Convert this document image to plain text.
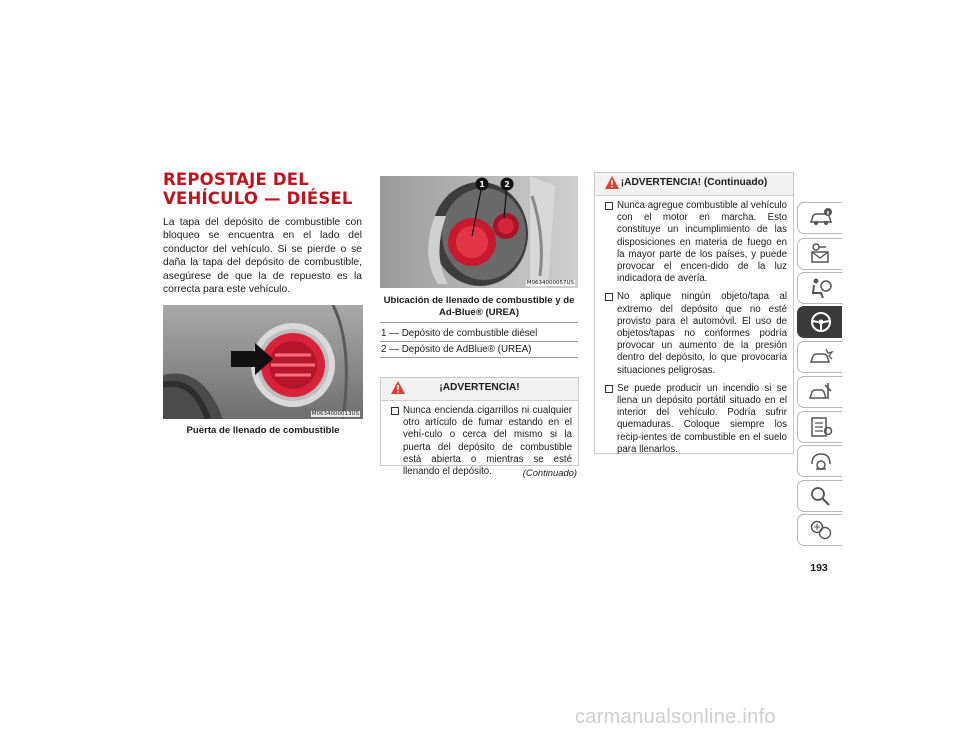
REPOSTAJE DEL
VEHÍCULO — DIÉSEL
La tapa del depósito de combustible con bloqueo se encuentra en el lado del conductor del vehículo. Si se pierde o se daña la tapa del depósito de combustible, asegúrese de que la de repuesto es la correcta para este vehículo.
M0634000013US
Puerta de llenado de combustible
1 2
M0634000057US
Ubicación de llenado de combustible y de Ad-Blue® (UREA)
1 — Depósito de combustible diésel
2 — Depósito de AdBlue® (UREA)
¡ADVERTENCIA!
Nunca encienda cigarrillos ni cualquier otro artículo de fumar estando en el vehí-culo o cerca del mismo si la puerta del depósito de combustible está abierta o mientras se esté llenando el depósito.	(Continuado)
¡ADVERTENCIA! (Continuado)
Nunca agregue combustible al vehículo con el motor en marcha. Esto constituye un incumplimiento de las disposiciones en materia de fuego en la mayor parte de los países, y puede provocar el encen-dido de la luz indicadora de avería.
No aplique ningún objeto/tapa al extremo del depósito que no esté provisto para el automóvil. El uso de objetos/tapas no conformes podría provocar un aumento de la presión dentro del depósito, lo que provocaría situaciones peligrosas.
Se puede producir un incendio si se llena un depósito portátil situado en el interior del vehículo. Podría sufrir quemaduras. Coloque siempre los recip-ientes de combustible en el suelo para llenarlos.
193
carmanualsonline.info
